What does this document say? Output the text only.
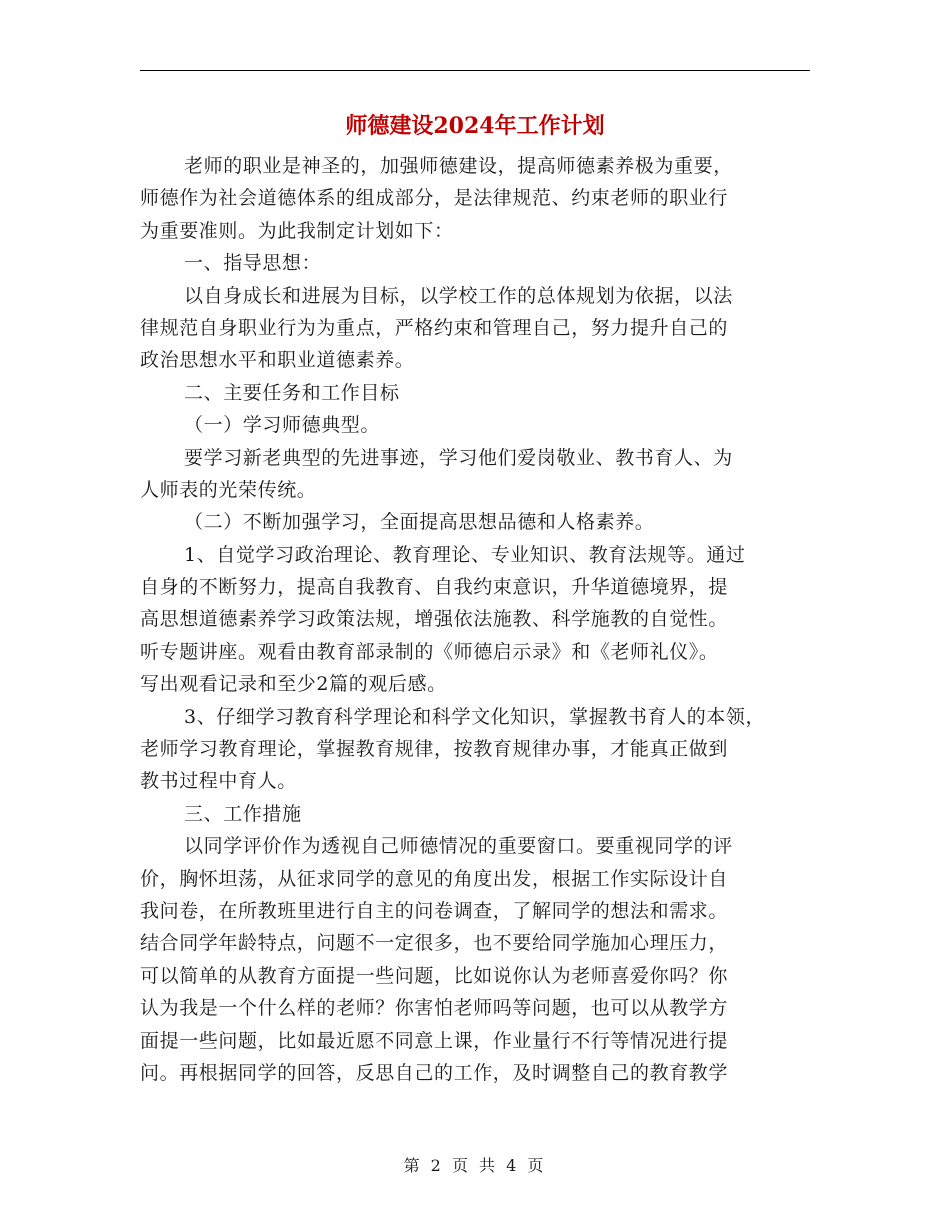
师德建设2024年工作计划
老师的职业是神圣的，加强师德建设，提高师德素养极为重要，
师德作为社会道德体系的组成部分，是法律规范、约束老师的职业行
为重要准则。为此我制定计划如下：
一、指导思想：
以自身成长和进展为目标，以学校工作的总体规划为依据，以法
律规范自身职业行为为重点，严格约束和管理自己，努力提升自己的
政治思想水平和职业道德素养。
二、主要任务和工作目标
（一）学习师德典型。
要学习新老典型的先进事迹，学习他们爱岗敬业、教书育人、为
人师表的光荣传统。
（二）不断加强学习，全面提高思想品德和人格素养。
1、自觉学习政治理论、教育理论、专业知识、教育法规等。通过
自身的不断努力，提高自我教育、自我约束意识，升华道德境界，提
高思想道德素养学习政策法规，增强依法施教、科学施教的自觉性。
听专题讲座。观看由教育部录制的《师德启示录》和《老师礼仪》。
写出观看记录和至少2篇的观后感。
3、仔细学习教育科学理论和科学文化知识，掌握教书育人的本领，
老师学习教育理论，掌握教育规律，按教育规律办事，才能真正做到
教书过程中育人。
三、工作措施
以同学评价作为透视自己师德情况的重要窗口。要重视同学的评
价，胸怀坦荡，从征求同学的意见的角度出发，根据工作实际设计自
我问卷，在所教班里进行自主的问卷调查，了解同学的想法和需求。
结合同学年龄特点，问题不一定很多，也不要给同学施加心理压力，
可以简单的从教育方面提一些问题，比如说你认为老师喜爱你吗？你
认为我是一个什么样的老师？你害怕老师吗等问题，也可以从教学方
面提一些问题，比如最近愿不同意上课，作业量行不行等情况进行提
问。再根据同学的回答，反思自己的工作，及时调整自己的教育教学
第 2 页 共 4 页
